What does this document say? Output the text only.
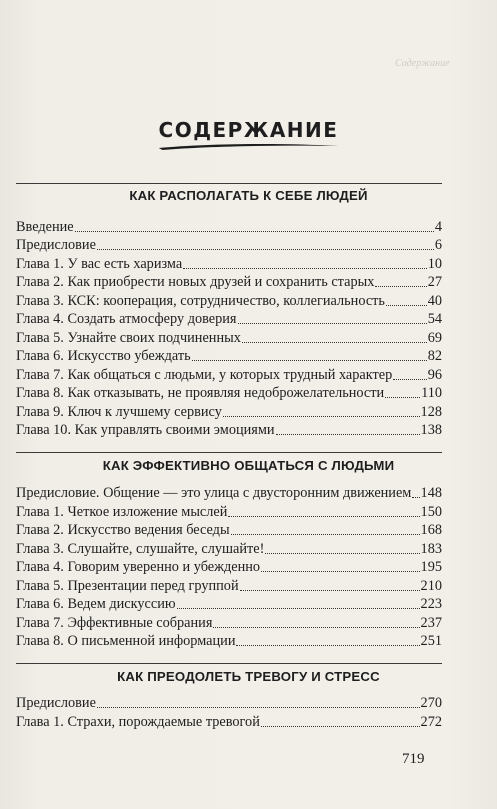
Содержание
СОДЕРЖАНИЕ
КАК РАСПОЛАГАТЬ К СЕБЕ ЛЮДЕЙ
Введение	4
Предисловие	6
Глава 1. У вас есть харизма	10
Глава 2. Как приобрести новых друзей и сохранить старых	27
Глава 3. КСК: кооперация, сотрудничество, коллегиальность	40
Глава 4. Создать атмосферу доверия	54
Глава 5. Узнайте своих подчиненных	69
Глава 6. Искусство убеждать	82
Глава 7. Как общаться с людьми, у которых трудный характер 96
Глава 8. Как отказывать, не проявляя недоброжелательности	110
Глава 9. Ключ к лучшему сервису	128
Глава 10. Как управлять своими эмоциями	138
КАК ЭФФЕКТИВНО ОБЩАТЬСЯ С ЛЮДЬМИ
Предисловие. Общение — это улица с двусторонним движением 148
Глава 1. Четкое изложение мыслей	150
Глава 2. Искусство ведения беседы	168
Глава 3. Слушайте, слушайте, слушайте!	183
Глава 4. Говорим уверенно и убежденно	195
Глава 5. Презентации перед группой	210
Глава 6. Ведем дискуссию	223
Глава 7. Эффективные собрания	237
Глава 8. О письменной информации	251
КАК ПРЕОДОЛЕТЬ ТРЕВОГУ И СТРЕСС
Предисловие	270
Глава 1. Страхи, порождаемые тревогой	272
719
